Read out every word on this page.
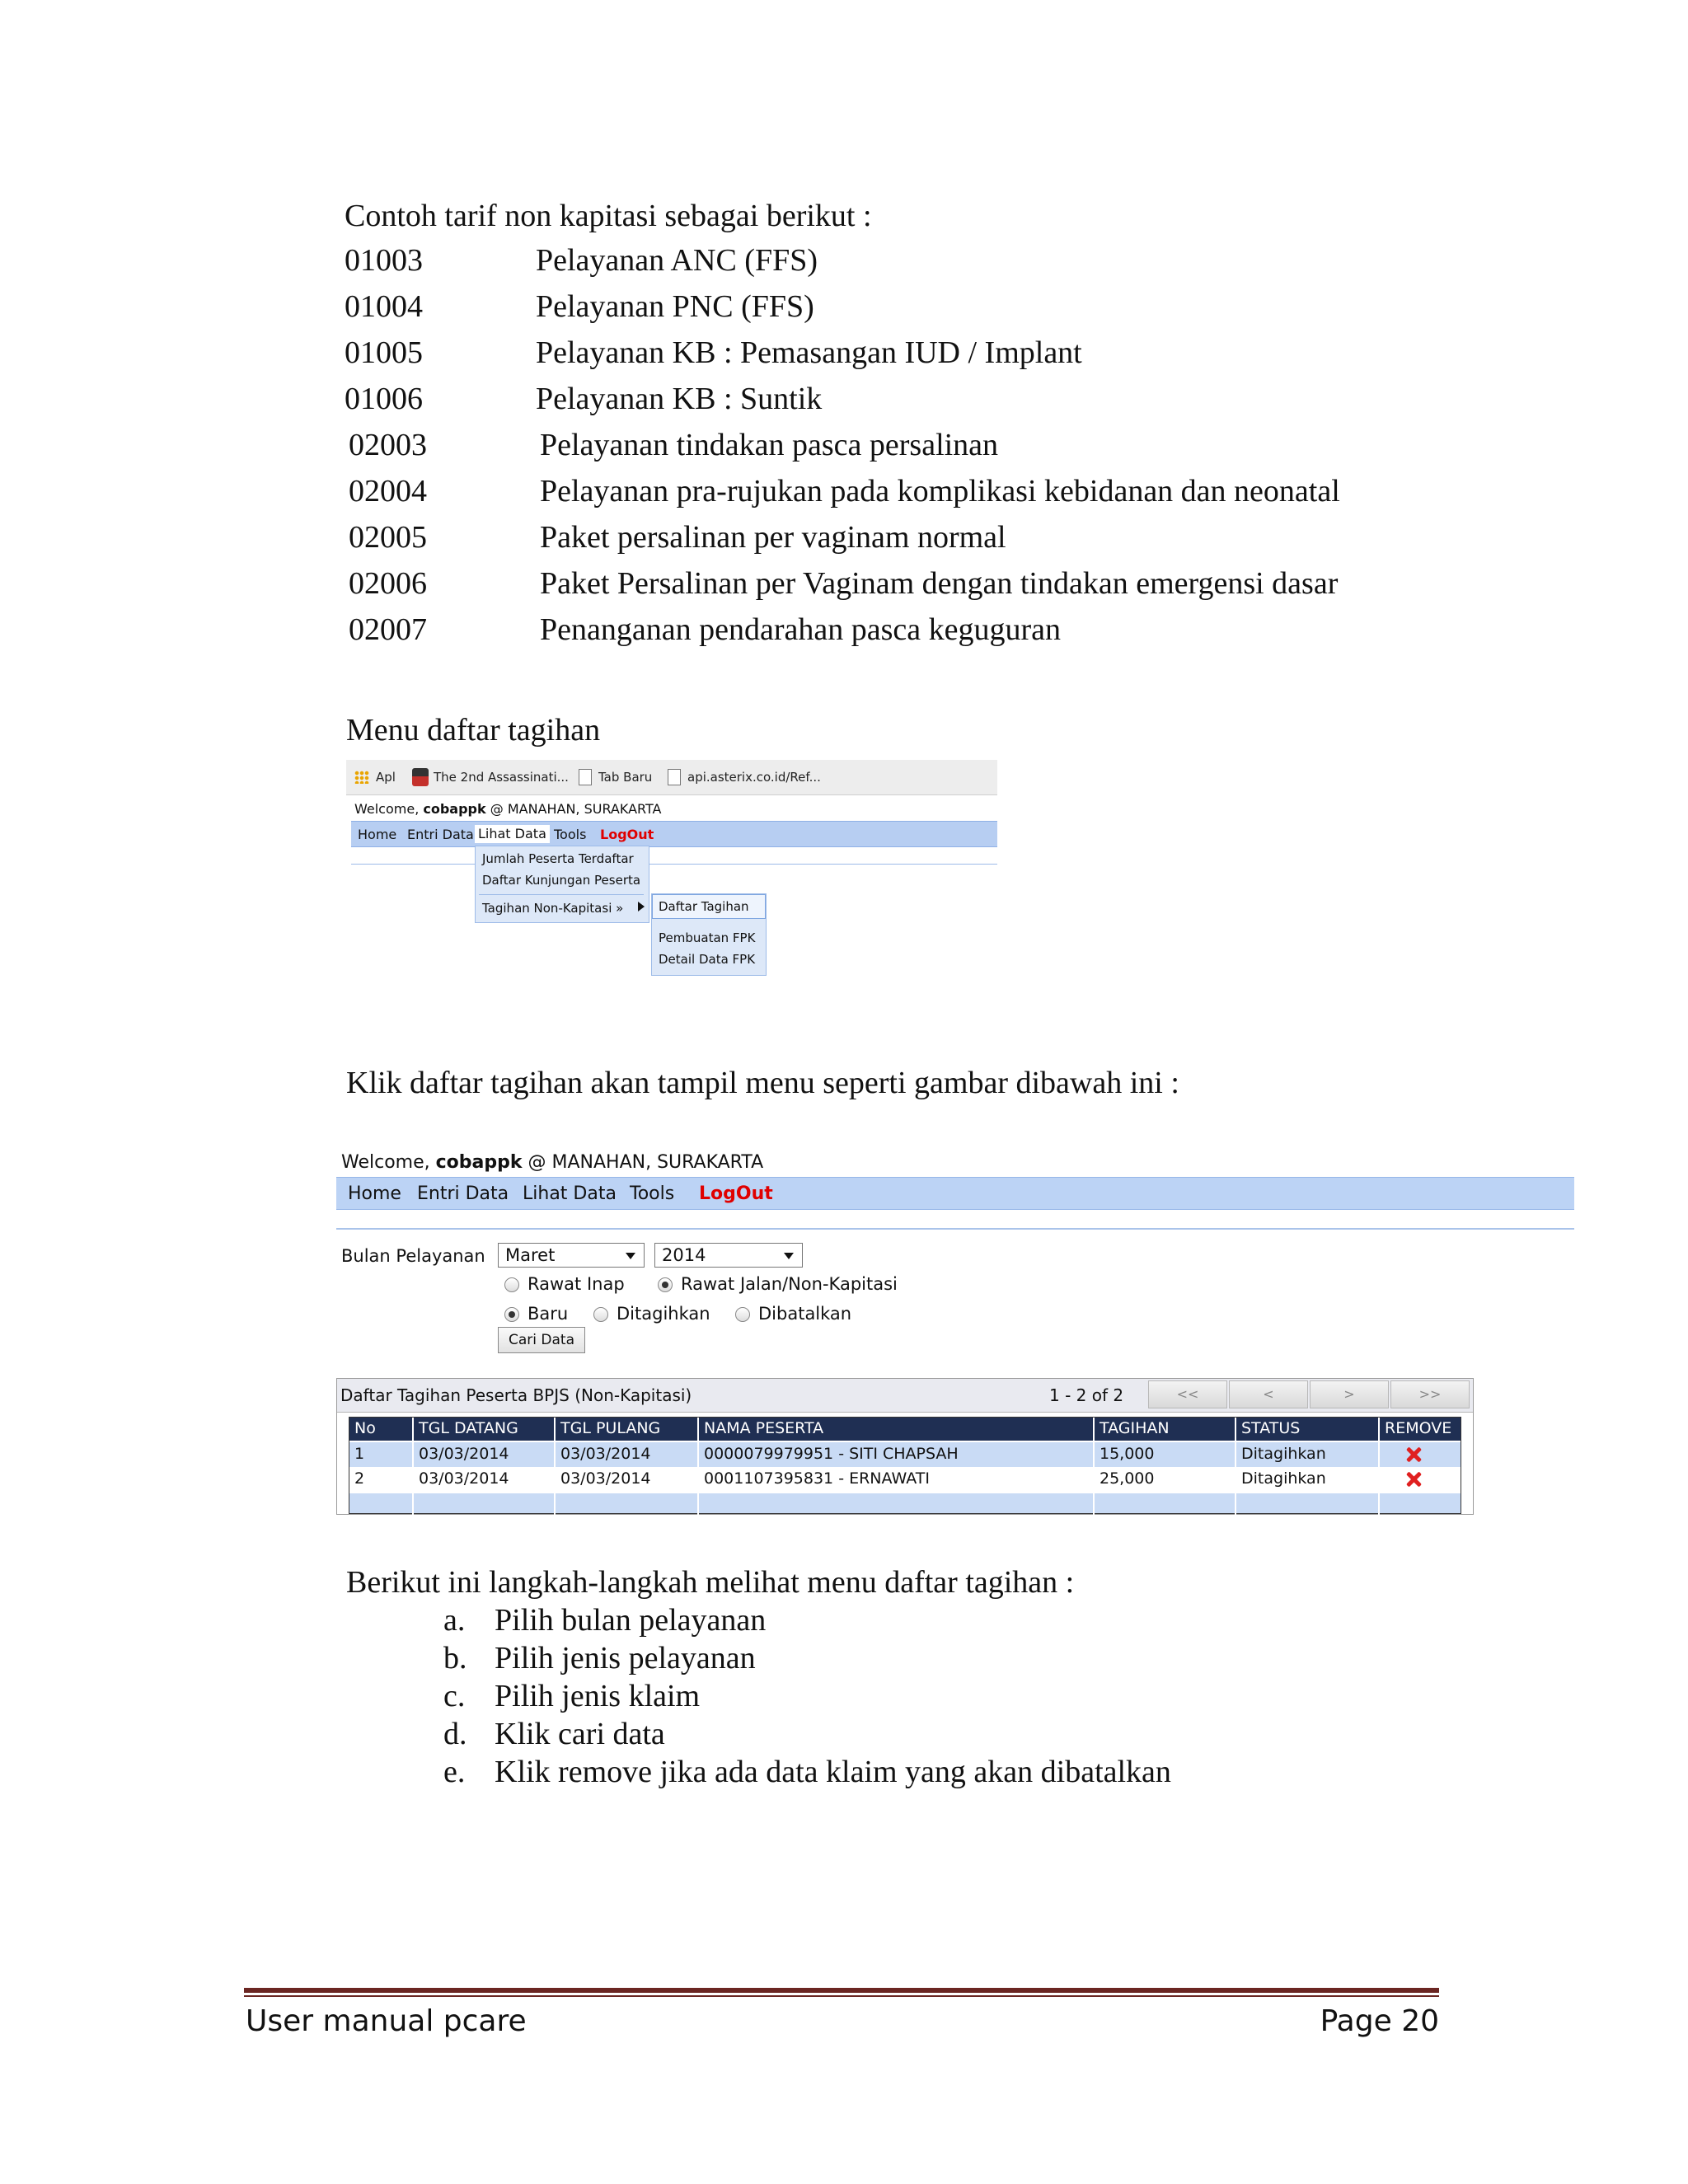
Contoh tarif non kapitasi sebagai berikut :
01003	Pelayanan ANC (FFS)
01004	Pelayanan PNC (FFS)
01005	Pelayanan KB : Pemasangan IUD / Implant
01006	Pelayanan KB : Suntik
02003	Pelayanan tindakan pasca persalinan
02004	Pelayanan pra-rujukan pada komplikasi kebidanan dan neonatal
02005	Paket persalinan per vaginam normal
02006	Paket Persalinan per Vaginam dengan tindakan emergensi dasar
02007	Penanganan pendarahan pasca keguguran
Menu daftar tagihan
Apl	The 2nd Assassinati... Tab Baru	api.asterix.co.id/Ref...
Welcome, cobappk @ MANAHAN, SURAKARTA
Home Entri Data Lihat Data Tools LogOut
Jumlah Peserta Terdaftar
Daftar Kunjungan Peserta
Tagihan Non-Kapitasi »	Daftar Tagihan
Pembuatan FPK
Detail Data FPK
Klik daftar tagihan akan tampil menu seperti gambar dibawah ini :
Welcome, cobappk @ MANAHAN, SURAKARTA
Home Entri Data Lihat Data Tools LogOut
Bulan Pelayanan	Maret	2014
Rawat Inap	Rawat Jalan/Non-Kapitasi
Baru	Ditagihkan	Dibatalkan
Cari Data
Daftar Tagihan Peserta BPJS (Non-Kapitasi)	1 - 2 of 2	<<	<	>	>>
No	TGL DATANG	TGL PULANG	NAMA PESERTA	TAGIHAN	STATUS	REMOVE
1	03/03/2014	03/03/2014	0000079979951 - SITI CHAPSAH	15,000	Ditagihkan
2	03/03/2014	03/03/2014	0001107395831 - ERNAWATI	25,000	Ditagihkan
Berikut ini langkah-langkah melihat menu daftar tagihan :
a. Pilih bulan pelayanan
b. Pilih jenis pelayanan
c. Pilih jenis klaim
d. Klik cari data
e. Klik remove jika ada data klaim yang akan dibatalkan
User manual pcare	Page 20
